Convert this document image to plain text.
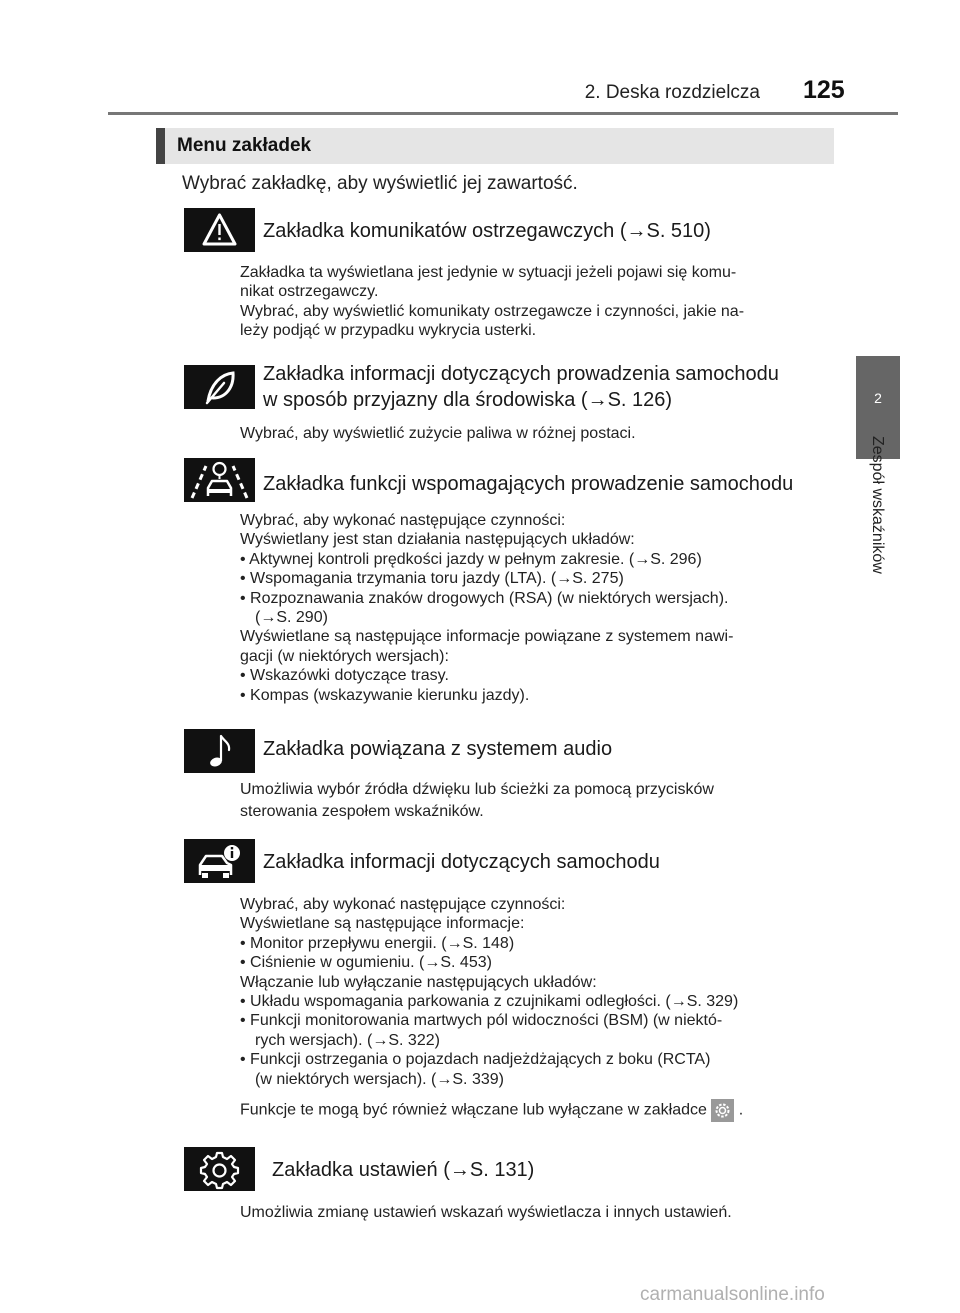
2. Deska rozdzielcza 125
2
Zespół wskaźników
Menu zakładek
Wybrać zakładkę, aby wyświetlić jej zawartość.
Zakładka komunikatów ostrzegawczych (→S. 510)

Zakładka ta wyświetlana jest jedynie w sytuacji jeżeli pojawi się komu-

nikat ostrzegawczy.

Wybrać, aby wyświetlić komunikaty ostrzegawcze i czynności, jakie na-

leży podjąć w przypadku wykrycia usterki.

Zakładka informacji dotyczących prowadzenia samochodu
w sposób przyjazny dla środowiska (→S. 126)

Wybrać, aby wyświetlić zużycie paliwa w różnej postaci.

Zakładka funkcji wspomagających prowadzenie samochodu

Wybrać, aby wykonać następujące czynności:

Wyświetlany jest stan działania następujących układów:

• Aktywnej kontroli prędkości jazdy w pełnym zakresie. (→S. 296)

• Wspomagania trzymania toru jazdy (LTA). (→S. 275)

• Rozpoznawania znaków drogowych (RSA) (w niektórych wersjach).

(→S. 290)

Wyświetlane są następujące informacje powiązane z systemem nawi-

gacji (w niektórych wersjach):

• Wskazówki dotyczące trasy.

• Kompas (wskazywanie kierunku jazdy).

Zakładka powiązana z systemem audio

Umożliwia wybór źródła dźwięku lub ścieżki za pomocą przycisków

sterowania zespołem wskaźników.

Zakładka informacji dotyczących samochodu

Wybrać, aby wykonać następujące czynności:

Wyświetlane są następujące informacje:

• Monitor przepływu energii. (→S. 148)

• Ciśnienie w ogumieniu. (→S. 453)

Włączanie lub wyłączanie następujących układów:

• Układu wspomagania parkowania z czujnikami odległości. (→S. 329)

• Funkcji monitorowania martwych pól widoczności (BSM) (w niektó-

rych wersjach). (→S. 322)

• Funkcji ostrzegania o pojazdach nadjeżdżających z boku (RCTA)

(w niektórych wersjach). (→S. 339)

Funkcje te mogą być również włączane lub wyłączane w zakładce .

Zakładka ustawień (→S. 131)

Umożliwia zmianę ustawień wskazań wyświetlacza i innych ustawień.

carmanualsonline.info
